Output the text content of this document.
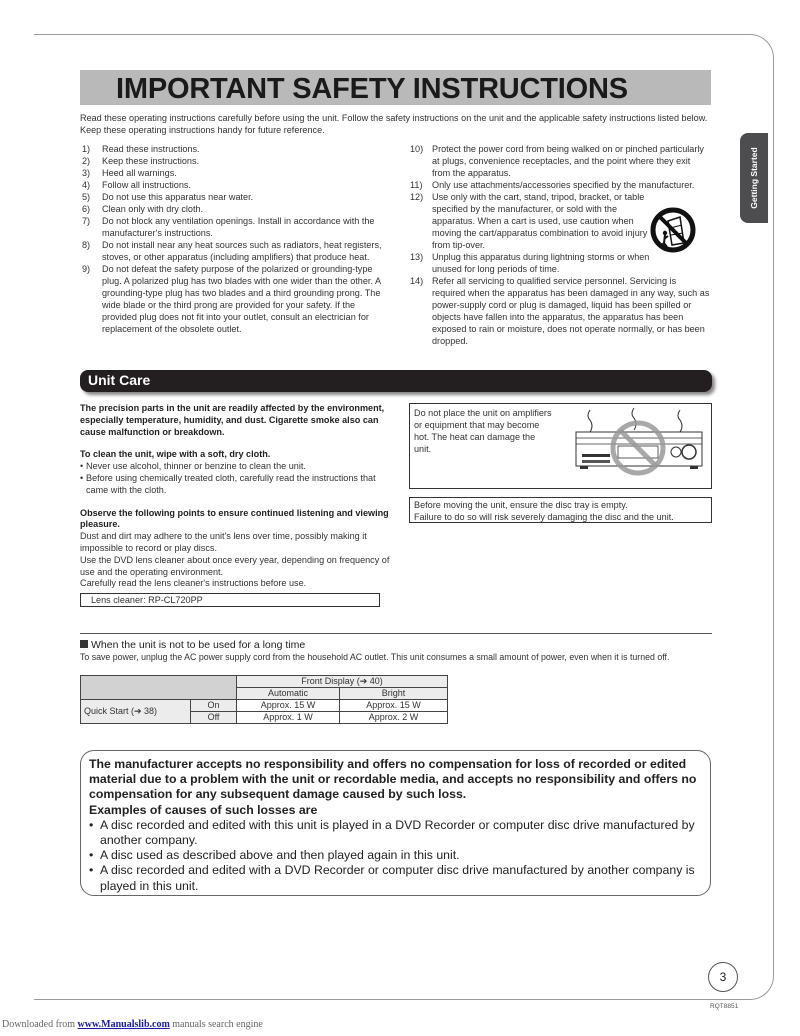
IMPORTANT SAFETY INSTRUCTIONS

Read these operating instructions carefully before using the unit. Follow the safety instructions on the unit and the applicable safety instructions listed below. Keep these operating instructions handy for future reference.

1)	Read these instructions.
2)	Keep these instructions.
3)	Heed all warnings.
4)	Follow all instructions.
5)	Do not use this apparatus near water.
6)	Clean only with dry cloth.
7)	Do not block any ventilation openings. Install in accordance with the manufacturer's instructions.
8)	Do not install near any heat sources such as radiators, heat registers, stoves, or other apparatus (including amplifiers) that produce heat.
9)	Do not defeat the safety purpose of the polarized or grounding-type plug. A polarized plug has two blades with one wider than the other. A grounding-type plug has two blades and a third grounding prong. The wide blade or the third prong are provided for your safety. If the provided plug does not fit into your outlet, consult an electrician for replacement of the obsolete outlet.
10) Protect the power cord from being walked on or pinched particularly at plugs, convenience receptacles, and the point where they exit from the apparatus.
11)	Only use attachments/accessories specified by the manufacturer.
12) Use only with the cart, stand, tripod, bracket, or table specified by the manufacturer, or sold with the apparatus. When a cart is used, use caution when moving the cart/apparatus combination to avoid injury from tip-over.
13) Unplug this apparatus during lightning storms or when unused for long periods of time.
14) Refer all servicing to qualified service personnel. Servicing is required when the apparatus has been damaged in any way, such as power-supply cord or plug is damaged, liquid has been spilled or objects have fallen into the apparatus, the apparatus has been exposed to rain or moisture, does not operate normally, or has been dropped.
Getting Started
Unit Care

The precision parts in the unit are readily affected by the environment, especially temperature, humidity, and dust. Cigarette smoke also can cause malfunction or breakdown.

To clean the unit, wipe with a soft, dry cloth.

• Never use alcohol, thinner or benzine to clean the unit.
• Before using chemically treated cloth, carefully read the instructions that came with the cloth.

Observe the following points to ensure continued listening and viewing pleasure.

Dust and dirt may adhere to the unit's lens over time, possibly making it impossible to record or play discs.

Use the DVD lens cleaner about once every year, depending on frequency of use and the operating environment.

Carefully read the lens cleaner's instructions before use.

Lens cleaner: RP-CL720PP
Do not place the unit on amplifiers or equipment that may become hot. The heat can damage the unit.
Before moving the unit, ensure the disc tray is empty.
Failure to do so will risk severely damaging the disc and the unit.
When the unit is not to be used for a long time
To save power, unplug the AC power supply cord from the household AC outlet. This unit consumes a small amount of power, even when it is turned off.
		Front Display (➔ 40)	
		Automatic	Bright
Quick Start (➔ 38)	On	Approx. 15 W	Approx. 15 W
	Off	Approx. 1 W	Approx. 2 W

The manufacturer accepts no responsibility and offers no compensation for loss of recorded or edited material due to a problem with the unit or recordable media, and accepts no responsibility and offers no compensation for any subsequent damage caused by such loss.

Examples of causes of such losses are

• A disc recorded and edited with this unit is played in a DVD Recorder or computer disc drive manufactured by another company.
• A disc used as described above and then played again in this unit.
• A disc recorded and edited with a DVD Recorder or computer disc drive manufactured by another company is played in this unit.
3
RQT8851
Downloaded from www.Manualslib.com manuals search engine
